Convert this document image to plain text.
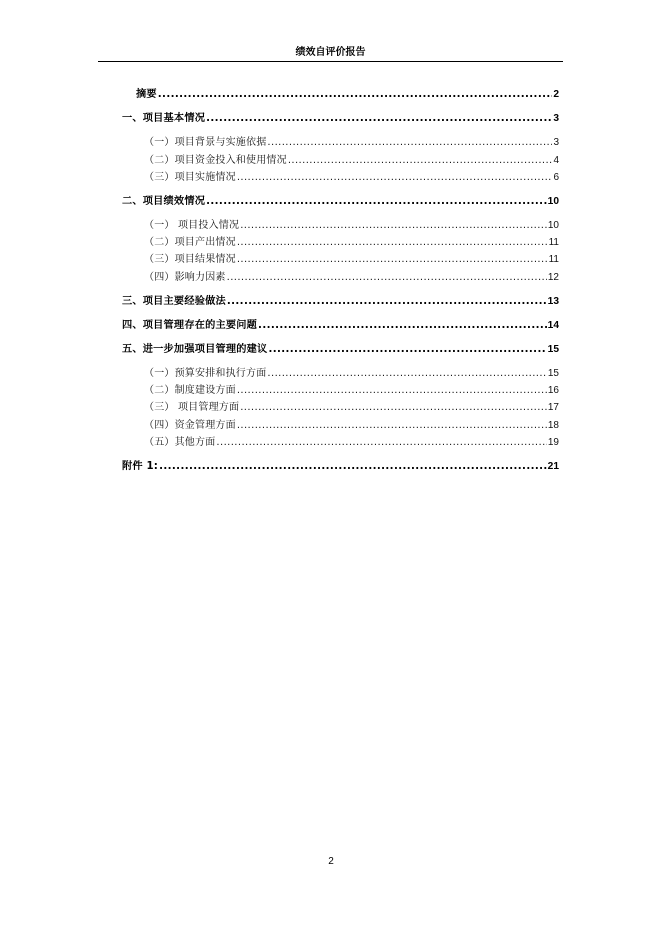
绩效自评价报告
摘要 .....	2
一、项目基本情况 .....	3
（一）项目背景与实施依据 .....	3
（二）项目资金投入和使用情况 .....	4
（三）项目实施情况 .....	6
二、项目绩效情况 .....	10
（一） 项目投入情况 .....	10
（二）项目产出情况 .....	11
（三）项目结果情况 .....	11
（四）影响力因素 .....	12
三、项目主要经验做法 .....	13
四、项目管理存在的主要问题 .....	14
五、进一步加强项目管理的建议 .....	15
（一）预算安排和执行方面 .....	15
（二）制度建设方面 .....	16
（三） 项目管理方面 .....	17
（四）资金管理方面 .....	18
（五）其他方面 .....	19
附件 1: .....	21
2
